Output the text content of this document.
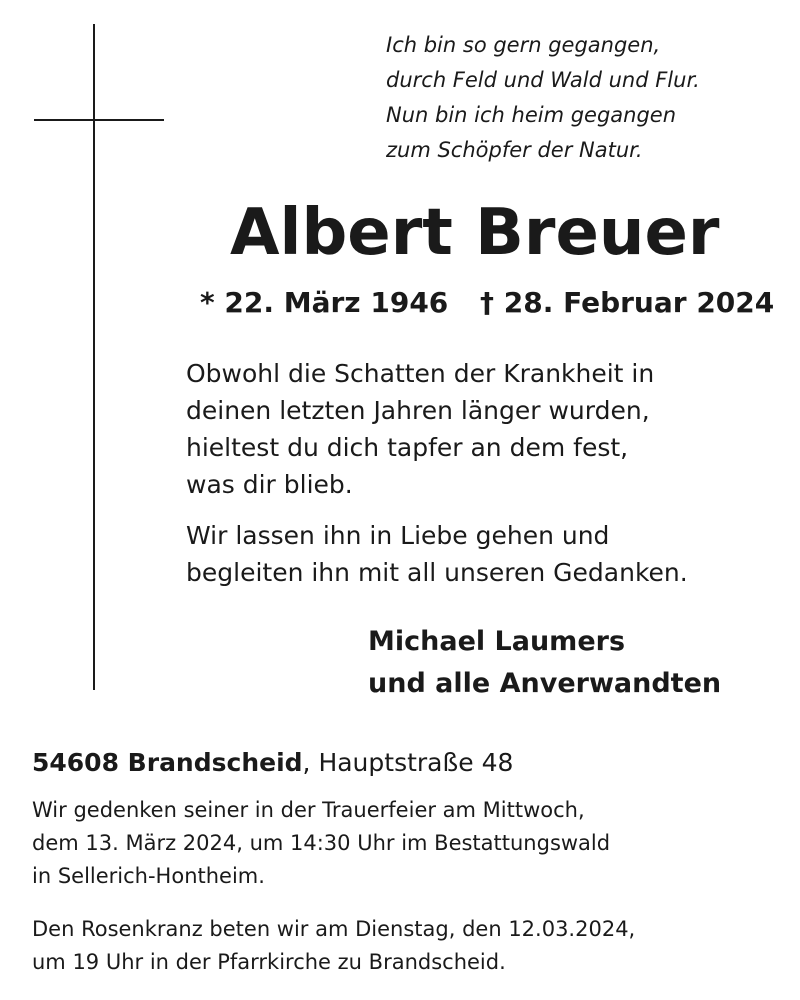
Ich bin so gern gegangen,
durch Feld und Wald und Flur.
Nun bin ich heim gegangen
zum Schöpfer der Natur.
Albert Breuer
* 22. März 1946 † 28. Februar 2024
Obwohl die Schatten der Krankheit in
deinen letzten Jahren länger wurden,
hieltest du dich tapfer an dem fest,
was dir blieb.
Wir lassen ihn in Liebe gehen und
begleiten ihn mit all unseren Gedanken.
Michael Laumers
und alle Anverwandten
54608 Brandscheid, Hauptstraße 48
Wir gedenken seiner in der Trauerfeier am Mittwoch,
dem 13. März 2024, um 14:30 Uhr im Bestattungswald
in Sellerich-Hontheim.
Den Rosenkranz beten wir am Dienstag, den 12.03.2024,
um 19 Uhr in der Pfarrkirche zu Brandscheid.
